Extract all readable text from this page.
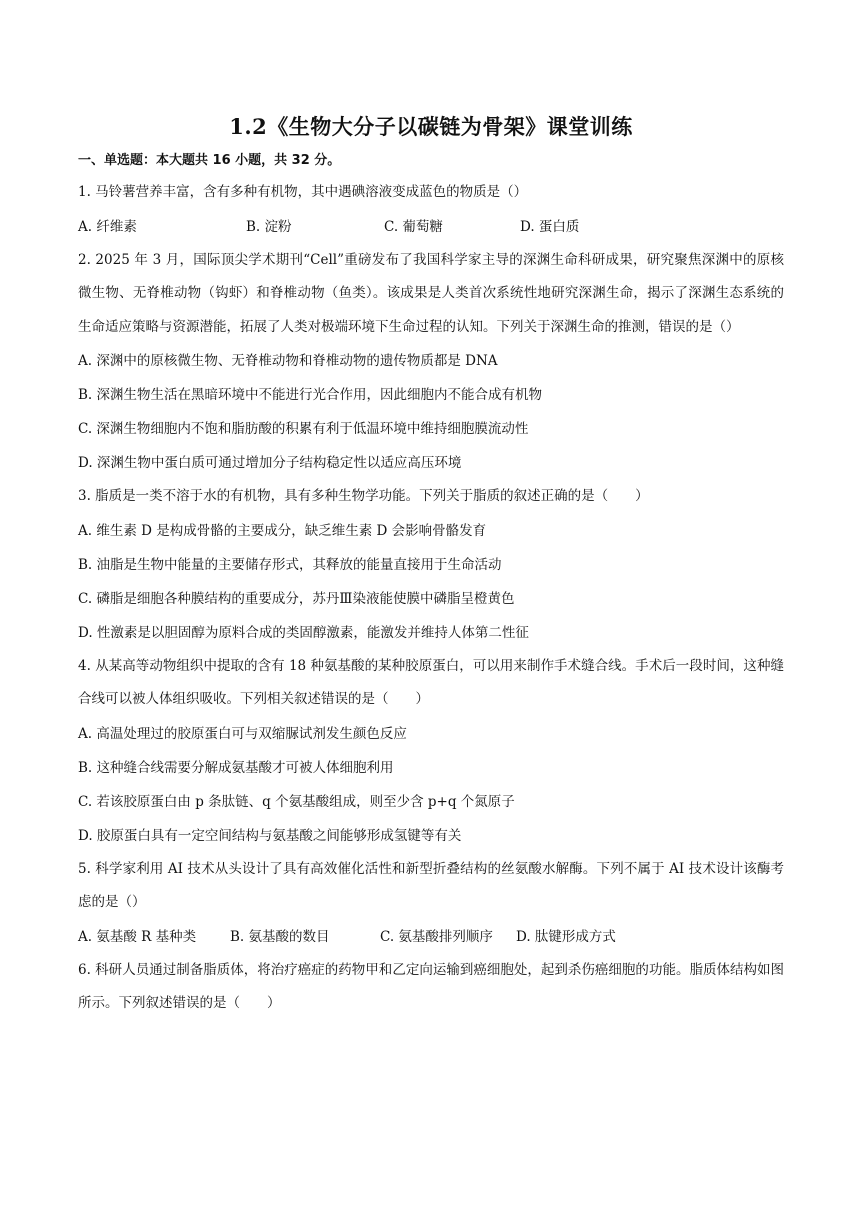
1.2《生物大分子以碳链为骨架》课堂训练

一、单选题：本大题共 16 小题，共 32 分。

1. 马铃薯营养丰富，含有多种有机物，其中遇碘溶液变成蓝色的物质是（）

A. 纤维素	B. 淀粉	C. 葡萄糖	D. 蛋白质

2. 2025 年 3 月，国际顶尖学术期刊“Cell”重磅发布了我国科学家主导的深渊生命科研成果，研究聚焦深渊中的原核微生物、无脊椎动物（钩虾）和脊椎动物（鱼类）。该成果是人类首次系统性地研究深渊生命，揭示了深渊生态系统的生命适应策略与资源潜能，拓展了人类对极端环境下生命过程的认知。下列关于深渊生命的推测，错误的是（）

A. 深渊中的原核微生物、无脊椎动物和脊椎动物的遗传物质都是 DNA

B. 深渊生物生活在黑暗环境中不能进行光合作用，因此细胞内不能合成有机物

C. 深渊生物细胞内不饱和脂肪酸的积累有利于低温环境中维持细胞膜流动性

D. 深渊生物中蛋白质可通过增加分子结构稳定性以适应高压环境

3. 脂质是一类不溶于水的有机物，具有多种生物学功能。下列关于脂质的叙述正确的是（　　）

A. 维生素 D 是构成骨骼的主要成分，缺乏维生素 D 会影响骨骼发育

B. 油脂是生物中能量的主要储存形式，其释放的能量直接用于生命活动

C. 磷脂是细胞各种膜结构的重要成分，苏丹Ⅲ染液能使膜中磷脂呈橙黄色

D. 性激素是以胆固醇为原料合成的类固醇激素，能激发并维持人体第二性征

4. 从某高等动物组织中提取的含有 18 种氨基酸的某种胶原蛋白，可以用来制作手术缝合线。手术后一段时间，这种缝合线可以被人体组织吸收。下列相关叙述错误的是（　　）

A. 高温处理过的胶原蛋白可与双缩脲试剂发生颜色反应

B. 这种缝合线需要分解成氨基酸才可被人体细胞利用

C. 若该胶原蛋白由 p 条肽链、q 个氨基酸组成，则至少含 p+q 个氮原子

D. 胶原蛋白具有一定空间结构与氨基酸之间能够形成氢键等有关

5. 科学家利用 AI 技术从头设计了具有高效催化活性和新型折叠结构的丝氨酸水解酶。下列不属于 AI 技术设计该酶考虑的是（）

A. 氨基酸 R 基种类	B. 氨基酸的数目	C. 氨基酸排列顺序	D. 肽键形成方式

6. 科研人员通过制备脂质体，将治疗癌症的药物甲和乙定向运输到癌细胞处，起到杀伤癌细胞的功能。脂质体结构如图所示。下列叙述错误的是（　　）
